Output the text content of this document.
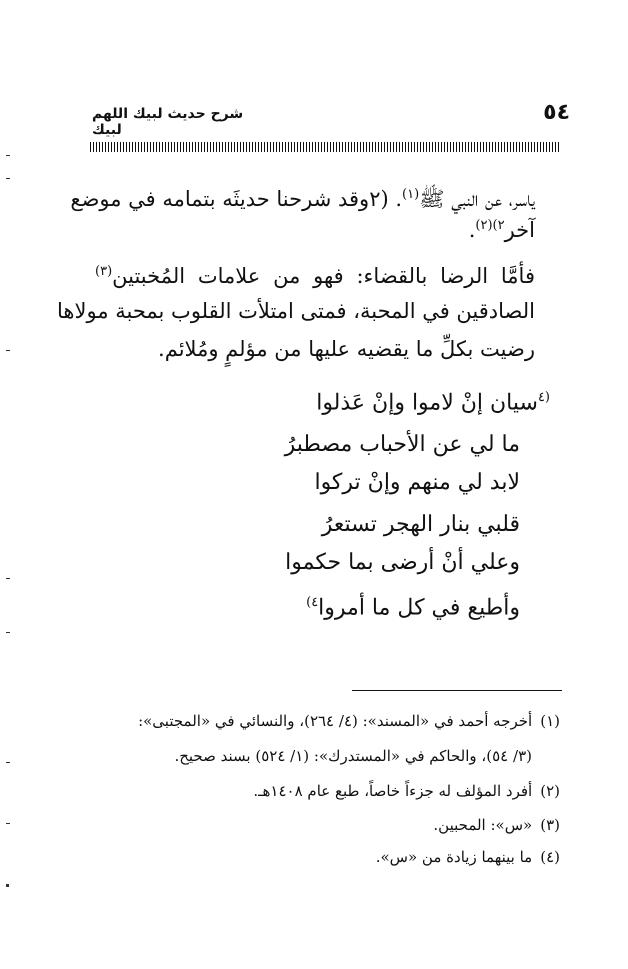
٥٤
شرح حديث لبيك اللهم لبيك
ياسر، عن النبي ﷺ$^{(١)}$. (٢وقد شرحنا حديثَه بتمامه في موضع
آخر$^{٢)(٢)}$.
فأمَّا الرضا بالقضاء: فهو من علامات المُخبتين$^{(٣)}$
الصادقين في المحبة، فمتى امتلأت القلوب بمحبة مولاها
رضيت بكلِّ ما يقضيه عليها من مؤلمٍ ومُلائم.
$^{(٤}$سيان إنْ لاموا وإنْ عَذلوا
ما لي عن الأحباب مصطبرُ
لابد لي منهم وإنْ تركوا
قلبي بنار الهجر تستعرُ
وعلي أنْ أرضى بما حكموا
وأطيع في كل ما أمروا$^{٤)}$
(١)أخرجه أحمد في «المسند»: (٤/ ٢٦٤)، والنسائي في «المجتبى»:
(٣/ ٥٤)، والحاكم في «المستدرك»: (١/ ٥٢٤) بسند صحيح.
(٢)أفرد المؤلف له جزءاً خاصاً، طبع عام ١٤٠٨هـ.
(٣)«س»: المحبين.
(٤)ما بينهما زيادة من «س».
